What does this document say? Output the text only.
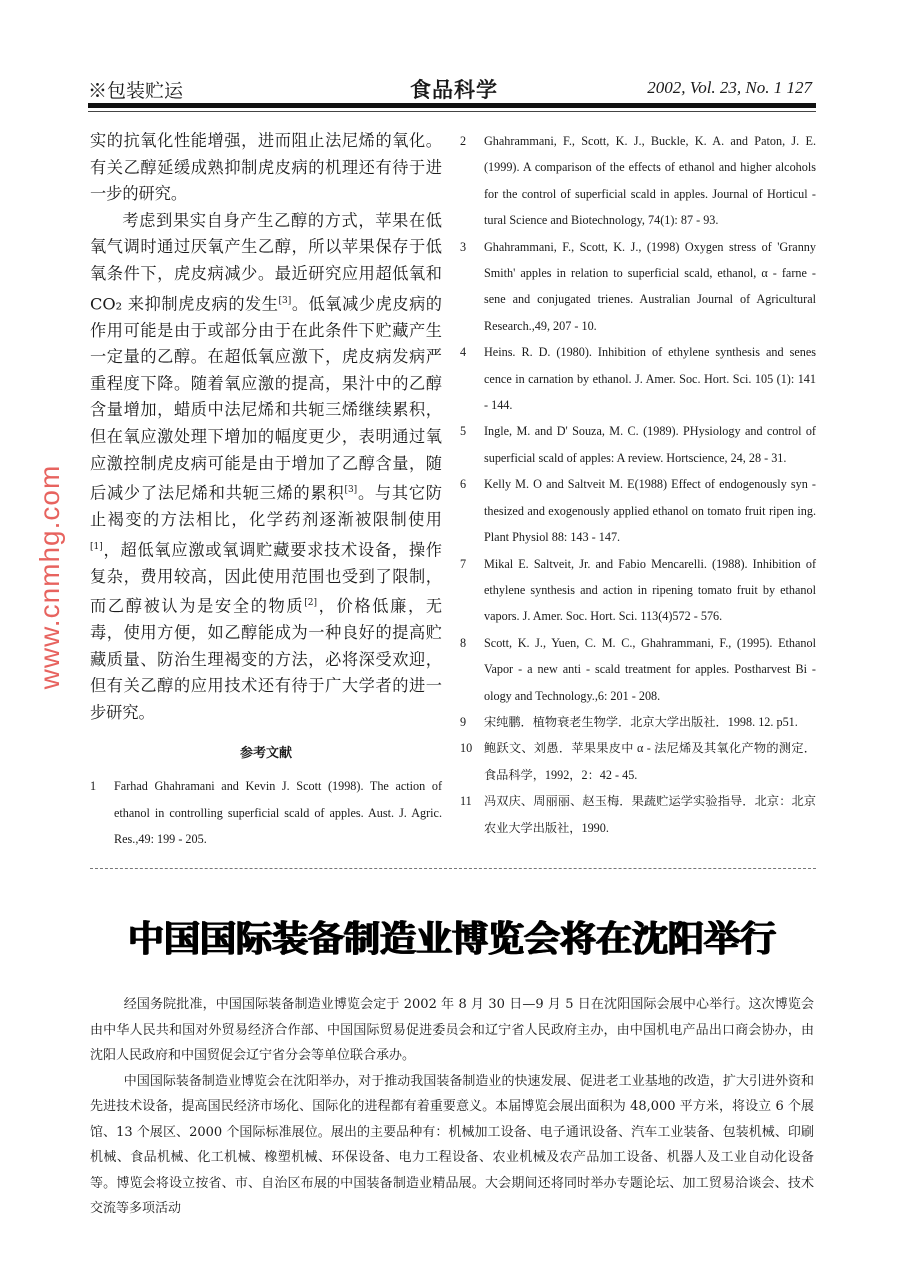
※包装贮运	食品科学	2002, Vol. 23, No. 1 127

实的抗氧化性能增强，进而阻止法尼烯的氧化。有关乙醇延缓成熟抑制虎皮病的机理还有待于进一步的研究。

考虑到果实自身产生乙醇的方式，苹果在低氧气调时通过厌氧产生乙醇，所以苹果保存于低氧条件下，虎皮病减少。最近研究应用超低氧和 CO₂ 来抑制虎皮病的发生[3]。低氧减少虎皮病的作用可能是由于或部分由于在此条件下贮藏产生一定量的乙醇。在超低氧应激下，虎皮病发病严重程度下降。随着氧应激的提高，果汁中的乙醇含量增加，蜡质中法尼烯和共轭三烯继续累积，但在氧应激处理下增加的幅度更少，表明通过氧应激控制虎皮病可能是由于增加了乙醇含量，随后减少了法尼烯和共轭三烯的累积[3]。与其它防止褐变的方法相比，化学药剂逐渐被限制使用[1]，超低氧应激或氧调贮藏要求技术设备，操作复杂，费用较高，因此使用范围也受到了限制，而乙醇被认为是安全的物质[2]，价格低廉，无毒，使用方便，如乙醇能成为一种良好的提高贮藏质量、防治生理褐变的方法，必将深受欢迎，但有关乙醇的应用技术还有待于广大学者的进一步研究。

参考文献
1	Farhad Ghahramani and Kevin J. Scott (1998). The action of ethanol in controlling superficial scald of apples. Aust. J. Agric. Res.,49: 199 - 205.
2	Ghahrammani, F., Scott, K. J., Buckle, K. A. and Paton, J. E. (1999). A comparison of the effects of ethanol and higher alcohols for the control of superficial scald in apples. Journal of Horticul - tural Science and Biotechnology, 74(1): 87 - 93.
3	Ghahrammani, F., Scott, K. J., (1998) Oxygen stress of 'Granny Smith' apples in relation to superficial scald, ethanol, α - farne - sene and conjugated trienes. Australian Journal of Agricultural Research.,49, 207 - 10.
4	Heins. R. D. (1980). Inhibition of ethylene synthesis and senes cence in carnation by ethanol. J. Amer. Soc. Hort. Sci. 105 (1): 141 - 144.
5	Ingle, M. and D' Souza, M. C. (1989). PHysiology and control of superficial scald of apples: A review. Hortscience, 24, 28 - 31.
6	Kelly M. O and Saltveit M. E(1988) Effect of endogenously syn - thesized and exogenously applied ethanol on tomato fruit ripen ing. Plant Physiol 88: 143 - 147.
7	Mikal E. Saltveit, Jr. and Fabio Mencarelli. (1988). Inhibition of ethylene synthesis and action in ripening tomato fruit by ethanol vapors. J. Amer. Soc. Hort. Sci. 113(4)572 - 576.
8	Scott, K. J., Yuen, C. M. C., Ghahrammani, F., (1995). Ethanol Vapor - a new anti - scald treatment for apples. Postharvest Bi - ology and Technology.,6: 201 - 208.
9	宋纯鹏．植物衰老生物学．北京大学出版社．1998. 12. p51.
10 鲍跃文、刘愚．苹果果皮中 α - 法尼烯及其氧化产物的测定．食品科学，1992，2：42 - 45.
11	冯双庆、周丽丽、赵玉梅．果蔬贮运学实验指导．北京：北京农业大学出版社，1990.
www.cnmhg.com
中国国际装备制造业博览会将在沈阳举行

经国务院批准，中国国际装备制造业博览会定于 2002 年 8 月 30 日—9 月 5 日在沈阳国际会展中心举行。这次博览会由中华人民共和国对外贸易经济合作部、中国国际贸易促进委员会和辽宁省人民政府主办，由中国机电产品出口商会协办，由沈阳人民政府和中国贸促会辽宁省分会等单位联合承办。

中国国际装备制造业博览会在沈阳举办，对于推动我国装备制造业的快速发展、促进老工业基地的改造，扩大引进外资和先进技术设备，提高国民经济市场化、国际化的进程都有着重要意义。本届博览会展出面积为 48,000 平方米，将设立 6 个展馆、13 个展区、2000 个国际标准展位。展出的主要品种有：机械加工设备、电子通讯设备、汽车工业装备、包装机械、印刷机械、食品机械、化工机械、橡塑机械、环保设备、电力工程设备、农业机械及农产品加工设备、机器人及工业自动化设备等。博览会将设立按省、市、自治区布展的中国装备制造业精品展。大会期间还将同时举办专题论坛、加工贸易洽谈会、技术交流等多项活动
